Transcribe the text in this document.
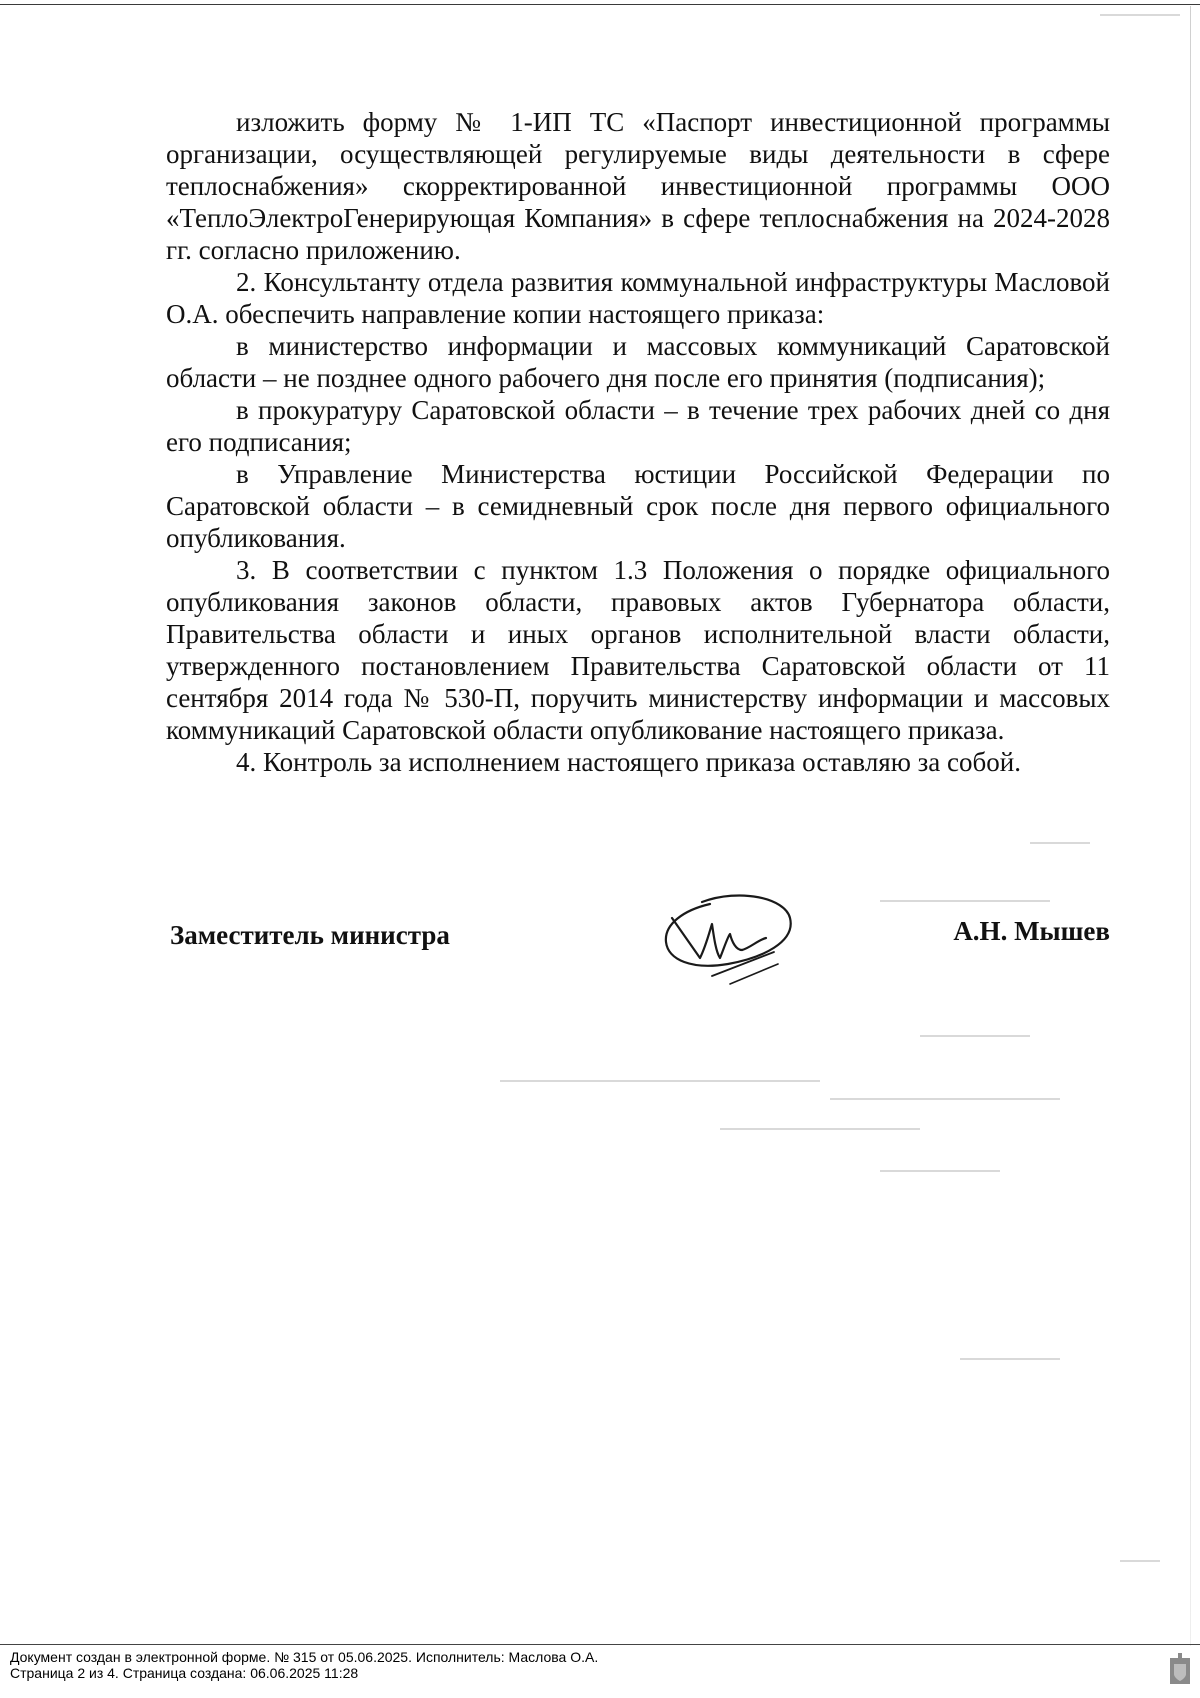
изложить форму № 1-ИП ТС «Паспорт инвестиционной программы организации, осуществляющей регулируемые виды деятельности в сфере теплоснабжения» скорректированной инвестиционной программы ООО «ТеплоЭлектроГенерирующая Компания» в сфере теплоснабжения на 2024-2028 гг. согласно приложению.

2. Консультанту отдела развития коммунальной инфраструктуры Масловой О.А. обеспечить направление копии настоящего приказа:

в министерство информации и массовых коммуникаций Саратовской области – не позднее одного рабочего дня после его принятия (подписания);

в прокуратуру Саратовской области – в течение трех рабочих дней со дня его подписания;

в Управление Министерства юстиции Российской Федерации по Саратовской области – в семидневный срок после дня первого официального опубликования.

3. В соответствии с пунктом 1.3 Положения о порядке официального опубликования законов области, правовых актов Губернатора области, Правительства области и иных органов исполнительной власти области, утвержденного постановлением Правительства Саратовской области от 11 сентября 2014 года № 530-П, поручить министерству информации и массовых коммуникаций Саратовской области опубликование настоящего приказа.

4. Контроль за исполнением настоящего приказа оставляю за собой.

Заместитель министра	А.Н. Мышев
Документ создан в электронной форме. № 315 от 05.06.2025. Исполнитель: Маслова О.А.
Страница 2 из 4. Страница создана: 06.06.2025 11:28
